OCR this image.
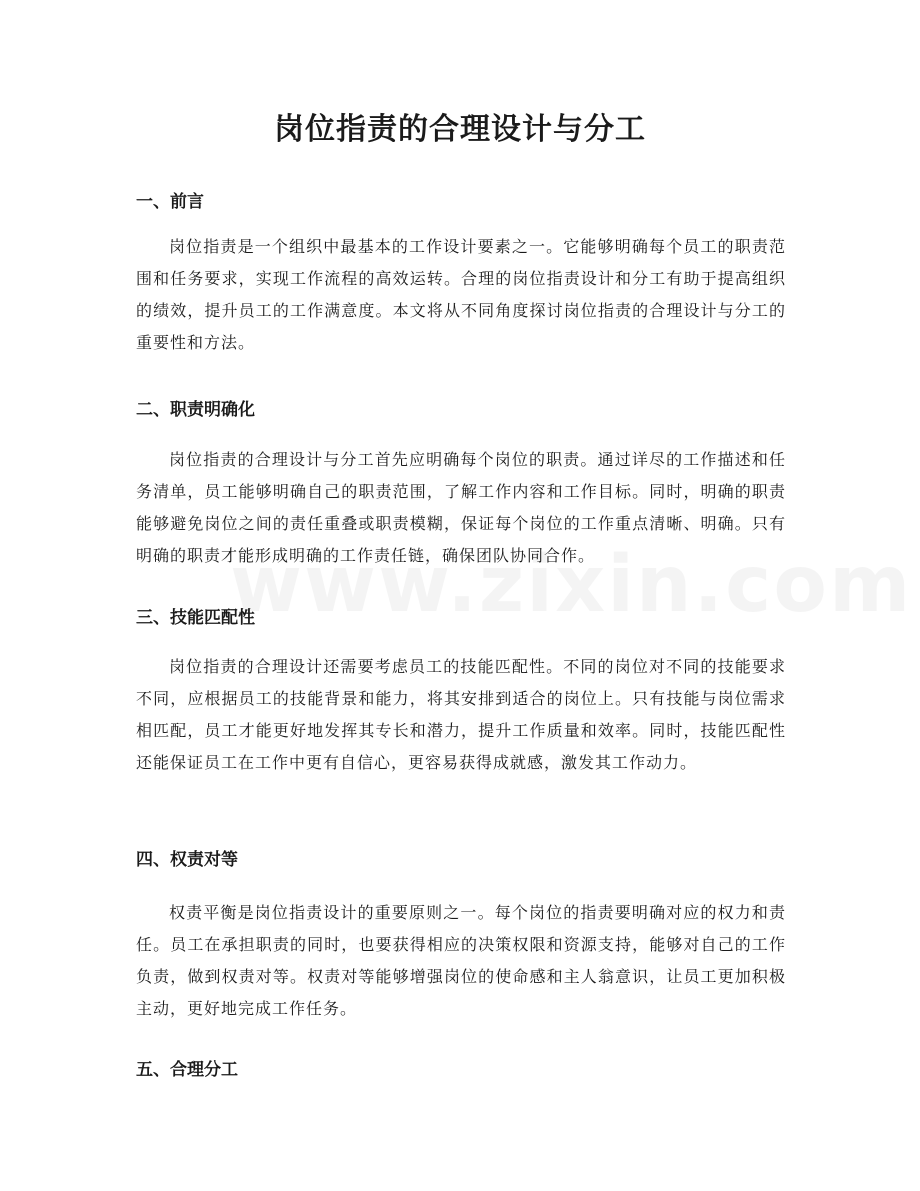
岗位指责的合理设计与分工
一、前言

岗位指责是一个组织中最基本的工作设计要素之一。它能够明确每个员工的职责范围和任务要求，实现工作流程的高效运转。合理的岗位指责设计和分工有助于提高组织的绩效，提升员工的工作满意度。本文将从不同角度探讨岗位指责的合理设计与分工的重要性和方法。

二、职责明确化

岗位指责的合理设计与分工首先应明确每个岗位的职责。通过详尽的工作描述和任务清单，员工能够明确自己的职责范围，了解工作内容和工作目标。同时，明确的职责能够避免岗位之间的责任重叠或职责模糊，保证每个岗位的工作重点清晰、明确。只有明确的职责才能形成明确的工作责任链，确保团队协同合作。

三、技能匹配性

岗位指责的合理设计还需要考虑员工的技能匹配性。不同的岗位对不同的技能要求不同，应根据员工的技能背景和能力，将其安排到适合的岗位上。只有技能与岗位需求相匹配，员工才能更好地发挥其专长和潜力，提升工作质量和效率。同时，技能匹配性还能保证员工在工作中更有自信心，更容易获得成就感，激发其工作动力。

四、权责对等

权责平衡是岗位指责设计的重要原则之一。每个岗位的指责要明确对应的权力和责任。员工在承担职责的同时，也要获得相应的决策权限和资源支持，能够对自己的工作负责，做到权责对等。权责对等能够增强岗位的使命感和主人翁意识，让员工更加积极主动，更好地完成工作任务。

五、合理分工
